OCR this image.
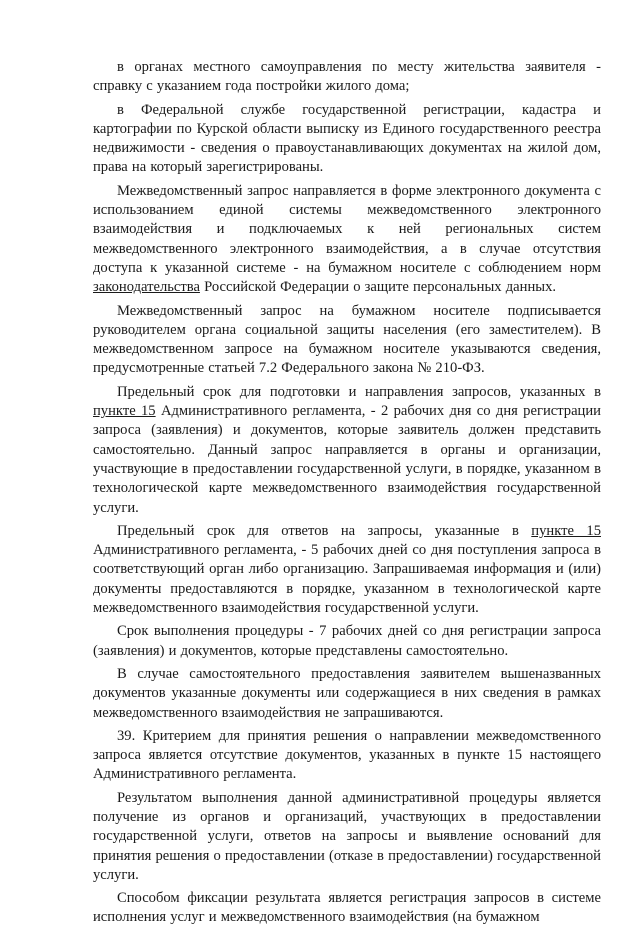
в органах местного самоуправления по месту жительства заявителя - справку с указанием года постройки жилого дома;

в Федеральной службе государственной регистрации, кадастра и картографии по Курской области выписку из Единого государственного реестра недвижимости - сведения о правоустанавливающих документах на жилой дом, права на который зарегистрированы.

Межведомственный запрос направляется в форме электронного документа с использованием единой системы межведомственного электронного взаимодействия и подключаемых к ней региональных систем межведомственного электронного взаимодействия, а в случае отсутствия доступа к указанной системе - на бумажном носителе с соблюдением норм законодательства Российской Федерации о защите персональных данных.

Межведомственный запрос на бумажном носителе подписывается руководителем органа социальной защиты населения (его заместителем). В межведомственном запросе на бумажном носителе указываются сведения, предусмотренные статьей 7.2 Федерального закона № 210-ФЗ.

Предельный срок для подготовки и направления запросов, указанных в пункте 15 Административного регламента, - 2 рабочих дня со дня регистрации запроса (заявления) и документов, которые заявитель должен представить самостоятельно. Данный запрос направляется в органы и организации, участвующие в предоставлении государственной услуги, в порядке, указанном в технологической карте межведомственного взаимодействия государственной услуги.

Предельный срок для ответов на запросы, указанные в пункте 15 Административного регламента, - 5 рабочих дней со дня поступления запроса в соответствующий орган либо организацию. Запрашиваемая информация и (или) документы предоставляются в порядке, указанном в технологической карте межведомственного взаимодействия государственной услуги.

Срок выполнения процедуры - 7 рабочих дней со дня регистрации запроса (заявления) и документов, которые представлены самостоятельно.

В случае самостоятельного предоставления заявителем вышеназванных документов указанные документы или содержащиеся в них сведения в рамках межведомственного взаимодействия не запрашиваются.

39. Критерием для принятия решения о направлении межведомственного запроса является отсутствие документов, указанных в пункте 15 настоящего Административного регламента.

Результатом выполнения данной административной процедуры является получение из органов и организаций, участвующих в предоставлении государственной услуги, ответов на запросы и выявление оснований для принятия решения о предоставлении (отказе в предоставлении) государственной услуги.

Способом фиксации результата является регистрация запросов в системе исполнения услуг и межведомственного взаимодействия (на бумажном
